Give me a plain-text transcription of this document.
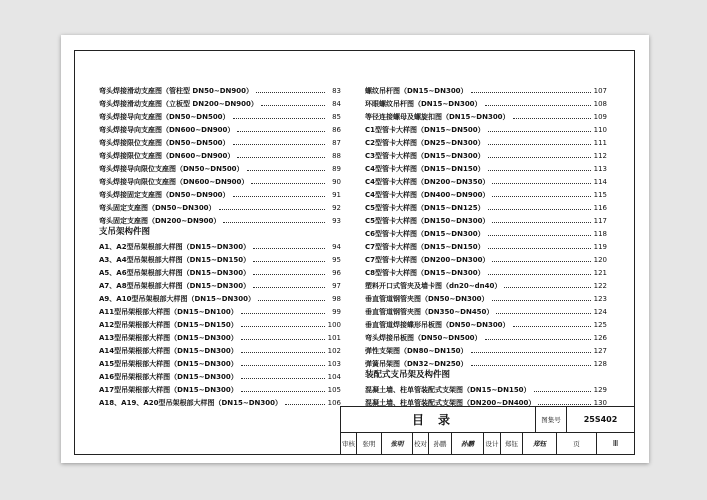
弯头焊接滑动支座图（管柱型 DN50~DN900）	83
弯头焊接滑动支座图（立板型 DN200~DN900）	84
弯头焊接导向支座图（DN50~DN500）	85
弯头焊接导向支座图（DN600~DN900）	86
弯头焊接限位支座图（DN50~DN500）	87
弯头焊接限位支座图（DN600~DN900）	88
弯头焊接导向限位支座图（DN50~DN500）	89
弯头焊接导向限位支座图（DN600~DN900）	90
弯头焊接固定支座图（DN50~DN900）	91
弯头固定支座图（DN50~DN300）	92
弯头固定支座图（DN200~DN900）	93
支吊架构件图
A1、A2型吊架根部大样图（DN15~DN300）	94
A3、A4型吊架根部大样图（DN15~DN150）	95
A5、A6型吊架根部大样图（DN15~DN300）	96
A7、A8型吊架根部大样图（DN15~DN300）	97
A9、A10型吊架根部大样图（DN15~DN300）	98
A11型吊架根部大样图（DN15~DN100）	99
A12型吊架根部大样图（DN15~DN150）	100
A13型吊架根部大样图（DN15~DN300）	101
A14型吊架根部大样图（DN15~DN300）	102
A15型吊架根部大样图（DN15~DN300）	103
A16型吊架根部大样图（DN15~DN300）	104
A17型吊架根部大样图（DN15~DN300）	105
A18、A19、A20型吊架根部大样图（DN15~DN300）	106
螺纹吊杆图（DN15~DN300）	107
环眼螺纹吊杆图（DN15~DN300）	108
等径连接螺母及螺旋扣图（DN15~DN300）	109
C1型管卡大样图（DN15~DN500）	110
C2型管卡大样图（DN25~DN300）	111
C3型管卡大样图（DN15~DN300）	112
C4型管卡大样图（DN15~DN150）	113
C4型管卡大样图（DN200~DN350）	114
C4型管卡大样图（DN400~DN900）	115
C5型管卡大样图（DN15~DN125）	116
C5型管卡大样图（DN150~DN300）	117
C6型管卡大样图（DN15~DN300）	118
C7型管卡大样图（DN15~DN150）	119
C7型管卡大样图（DN200~DN300）	120
C8型管卡大样图（DN15~DN300）	121
塑料开口式管夹及墙卡图（dn20~dn40）	122
垂直管道钢管夹图（DN50~DN300）	123
垂直管道钢管夹图（DN350~DN450）	124
垂直管道焊接蝶形吊板图（DN50~DN300）	125
弯头焊接吊板图（DN50~DN500）	126
弹性支架图（DN80~DN150）	127
弹簧吊架图（DN32~DN250）	128
装配式支吊架及构件图
混凝土墙、柱单管装配式支架图（DN15~DN150）	129
混凝土墙、柱单管装配式支架图（DN200~DN400）	130
目录	图集号	25S402
审核	张明	张明	校对	孙鹏	孙鹏	设计	郑钰	郑钰	页	Ⅲ
